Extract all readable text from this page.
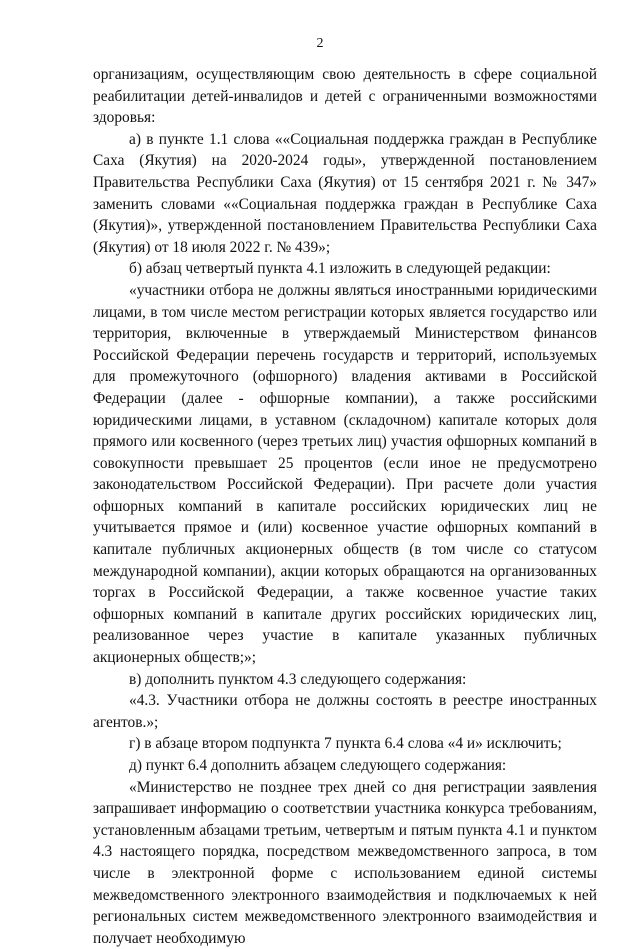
2

организациям, осуществляющим свою деятельность в сфере социальной реабилитации детей-инвалидов и детей с ограниченными возможностями здоровья:

а) в пункте 1.1 слова ««Социальная поддержка граждан в Республике Саха (Якутия) на 2020-2024 годы», утвержденной постановлением Правительства Республики Саха (Якутия) от 15 сентября 2021 г. № 347» заменить словами ««Социальная поддержка граждан в Республике Саха (Якутия)», утвержденной постановлением Правительства Республики Саха (Якутия) от 18 июля 2022 г. № 439»;

б) абзац четвертый пункта 4.1 изложить в следующей редакции:

«участники отбора не должны являться иностранными юридическими лицами, в том числе местом регистрации которых является государство или территория, включенные в утверждаемый Министерством финансов Российской Федерации перечень государств и территорий, используемых для промежуточного (офшорного) владения активами в Российской Федерации (далее - офшорные компании), а также российскими юридическими лицами, в уставном (складочном) капитале которых доля прямого или косвенного (через третьих лиц) участия офшорных компаний в совокупности превышает 25 процентов (если иное не предусмотрено законодательством Российской Федерации). При расчете доли участия офшорных компаний в капитале российских юридических лиц не учитывается прямое и (или) косвенное участие офшорных компаний в капитале публичных акционерных обществ (в том числе со статусом международной компании), акции которых обращаются на организованных торгах в Российской Федерации, а также косвенное участие таких офшорных компаний в капитале других российских юридических лиц, реализованное через участие в капитале указанных публичных акционерных обществ;»;

в) дополнить пунктом 4.3 следующего содержания:

«4.3. Участники отбора не должны состоять в реестре иностранных агентов.»;

г) в абзаце втором подпункта 7 пункта 6.4 слова «4 и» исключить;

д) пункт 6.4 дополнить абзацем следующего содержания:

«Министерство не позднее трех дней со дня регистрации заявления запрашивает информацию о соответствии участника конкурса требованиям, установленным абзацами третьим, четвертым и пятым пункта 4.1 и пунктом 4.3 настоящего порядка, посредством межведомственного запроса, в том числе в электронной форме с использованием единой системы межведомственного электронного взаимодействия и подключаемых к ней региональных систем межведомственного электронного взаимодействия и получает необходимую
